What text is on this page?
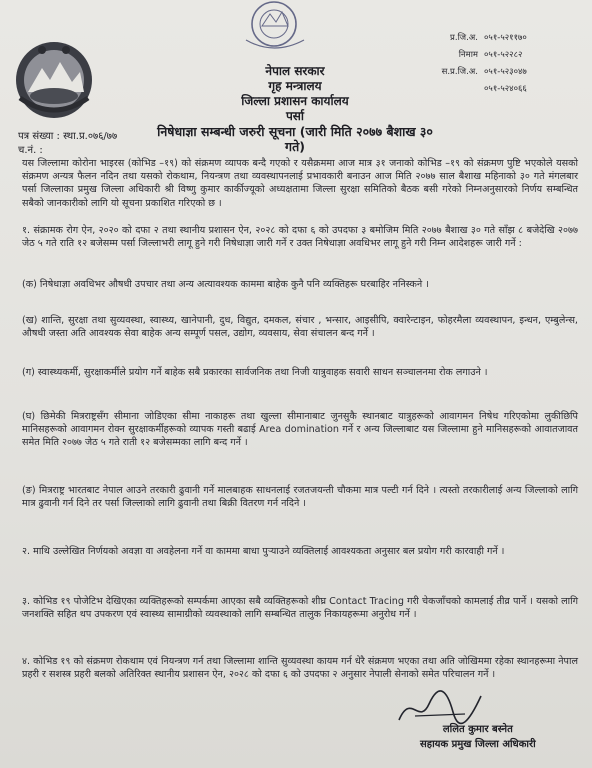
नेपाल सरकार
गृह मन्त्रालय
जिल्ला प्रशासन कार्यालय
पर्सा
निषेधाज्ञा सम्बन्धी जरुरी सूचना (जारी मिति २०७७ बैशाख ३० गते)
प्र.जि.अ. ०५१-५२११७०
निमाम ०५१-५२२८२
स.प्र.जि.अ. ०५१-५२३०४७
०५१-५२४०६६
पत्र संख्या : स्था.प्र.०७६/७७
च.नं. :
यस जिल्लामा कोरोना भाइरस (कोभिड –१९) को संक्रमण व्यापक बन्दै गएको र यसैक्रममा आज मात्र ३१ जनाको कोभिड –१९ को संक्रमण पुष्टि भएकोले यसको संक्रमण अन्यत्र फैलन नदिन तथा यसको रोकथाम, नियन्त्रण तथा व्यवस्थापनलाई प्रभावकारी बनाउन आज मिति २०७७ साल बैशाख महिनाको ३० गते मंगलबार पर्सा जिल्लाका प्रमुख जिल्ला अधिकारी श्री विष्णु कुमार कार्कीज्यूको अध्यक्षतामा जिल्ला सुरक्षा समितिको बैठक बसी गरेको निम्नअनुसारको निर्णय सम्बन्धित सबैको जानकारीको लागि यो सूचना प्रकाशित गरिएको छ ।
१. संक्रामक रोग ऐन, २०२० को दफा २ तथा स्थानीय प्रशासन ऐन, २०२८ को दफा ६ को उपदफा ३ बमोजिम मिति २०७७ बैशाख ३० गते साँझ ८ बजेदेखि २०७७ जेठ ५ गते राति १२ बजेसम्म पर्सा जिल्लाभरी लागू हुने गरी निषेधाज्ञा जारी गर्ने र उक्त निषेधाज्ञा अवधिभर लागू हुने गरी निम्न आदेशहरू जारी गर्ने :
(क) निषेधाज्ञा अवधिभर औषधी उपचार तथा अन्य अत्यावश्यक काममा बाहेक कुनै पनि व्यक्तिहरू घरबाहिर ननिस्कने ।
(ख) शान्ति, सुरक्षा तथा सुव्यवस्था, स्वास्थ्य, खानेपानी, दुध, विद्युत, दमकल, संचार , भन्सार, आइसीपि, क्वारेन्टाइन, फोहरमैला व्यवस्थापन, इन्धन, एम्बुलेन्स, औषधी जस्ता अति आवश्यक सेवा बाहेक अन्य सम्पूर्ण पसल, उद्योग, व्यवसाय, सेवा संचालन बन्द गर्ने ।
(ग) स्वास्थ्यकर्मी, सुरक्षाकर्मीले प्रयोग गर्ने बाहेक सबै प्रकारका सार्वजनिक तथा निजी यात्रुवाहक सवारी साधन सञ्चालनमा रोक लगाउने ।
(घ) छिमेकी मित्रराष्ट्रसँग सीमाना जोडिएका सीमा नाकाहरू तथा खुल्ला सीमानाबाट जुनसुकै स्थानबाट यात्रुहरूको आवागमन निषेध गरिएकोमा लुकीछिपि मानिसहरूको आवागमन रोक्न सुरक्षाकर्मीहरूको व्यापक गस्ती बढाई Area domination गर्ने र अन्य जिल्लाबाट यस जिल्लामा हुने मानिसहरूको आवातजावत समेत मिति २०७७ जेठ ५ गते राती १२ बजेसम्मका लागि बन्द गर्ने ।
(ङ) मित्रराष्ट्र भारतबाट नेपाल आउने तरकारी ढुवानी गर्ने मालबाहक साधनलाई रजतजयन्ती चौकमा मात्र पल्टी गर्न दिने । त्यस्तो तरकारीलाई अन्य जिल्लाको लागि मात्र ढुवानी गर्न दिने तर पर्सा जिल्लाको लागि ढुवानी तथा बिक्री वितरण गर्न नदिने ।
२. माथि उल्लेखित निर्णयको अवज्ञा वा अवहेलना गर्ने वा काममा बाधा पुर्‍याउने व्यक्तिलाई आवश्यकता अनुसार बल प्रयोग गरी कारवाही गर्ने ।
३. कोभिड १९ पोजेटिभ देखिएका व्यक्तिहरूको सम्पर्कमा आएका सबै व्यक्तिहरूको शीघ्र Contact Tracing गरी चेकजाँचको कामलाई तीव्र पार्ने । यसको लागि जनशक्ति सहित थप उपकरण एवं स्वास्थ्य सामाग्रीको व्यवस्थाको लागि सम्बन्धित तालुक निकायहरूमा अनुरोध गर्ने ।
४. कोभिड १९ को संक्रमण रोकथाम एवं नियन्त्रण गर्न तथा जिल्लामा शान्ति सुव्यवस्था कायम गर्न धेरै संक्रमण भएका तथा अति जोखिममा रहेका स्थानहरूमा नेपाल प्रहरी र सशस्त्र प्रहरी बलको अतिरिक्त स्थानीय प्रशासन ऐन, २०२८ को दफा ६ को उपदफा २ अनुसार नेपाली सेनाको समेत परिचालन गर्ने ।
ललित कुमार बस्नेत
सहायक प्रमुख जिल्ला अधिकारी
